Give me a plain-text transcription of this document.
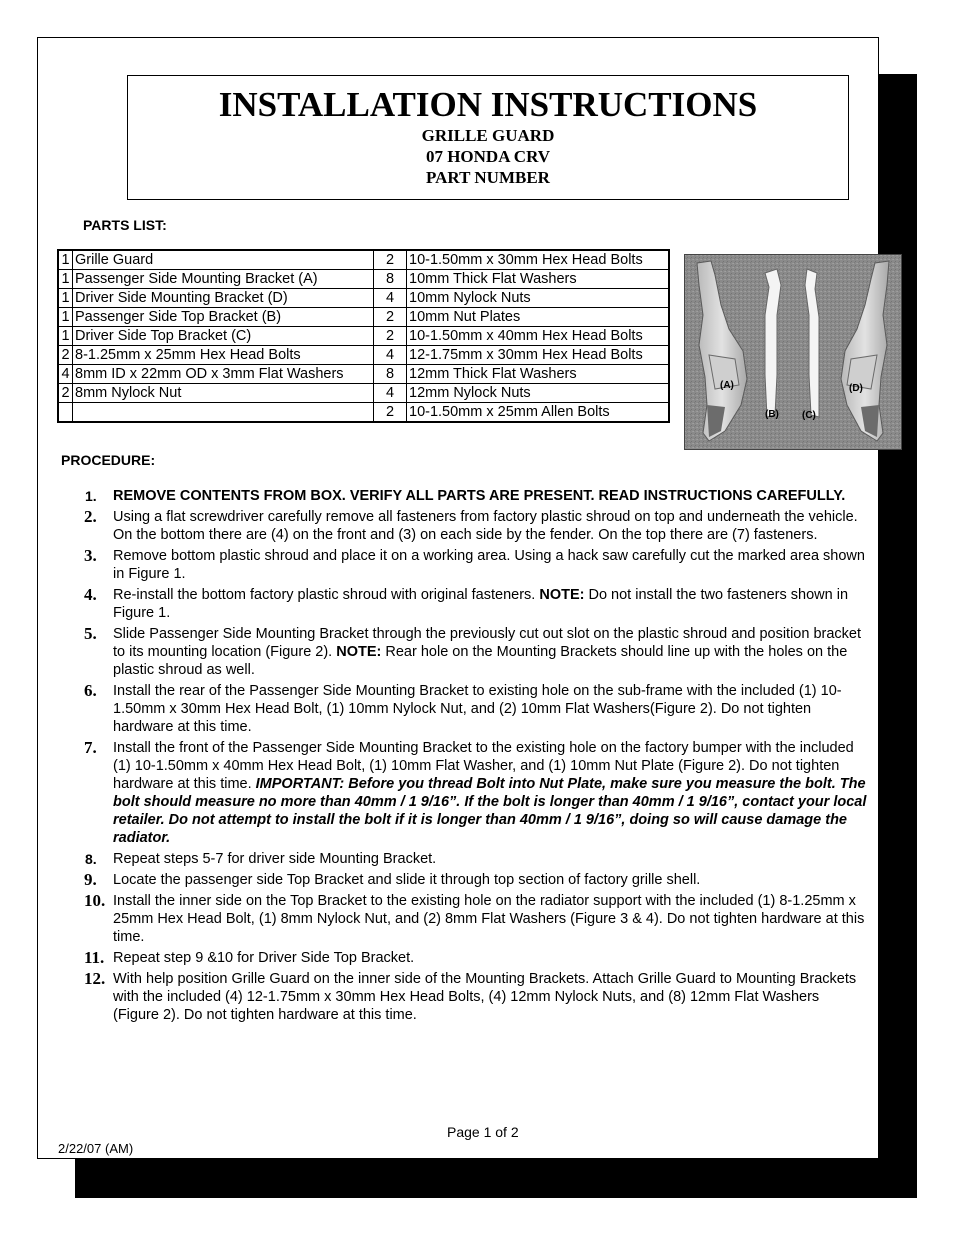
INSTALLATION INSTRUCTIONS
GRILLE GUARD
07 HONDA CRV
PART NUMBER
PARTS LIST:
1	Grille Guard	2	10-1.50mm x 30mm Hex Head Bolts
1	Passenger Side Mounting Bracket (A)	8	10mm Thick Flat Washers
1	Driver Side Mounting Bracket (D)	4	10mm Nylock Nuts
1	Passenger Side Top Bracket (B)	2	10mm Nut Plates
1	Driver Side Top Bracket (C)	2	10-1.50mm x 40mm Hex Head Bolts
2	8-1.25mm x 25mm Hex Head Bolts	4	12-1.75mm x 30mm Hex Head Bolts
4	8mm ID x 22mm OD x 3mm Flat Washers	8	12mm Thick Flat Washers
2	8mm Nylock Nut	4	12mm Nylock Nuts
		2	10-1.50mm x 25mm Allen Bolts
(A)
(B) (C)
(D)
PROCEDURE:
1. REMOVE CONTENTS FROM BOX. VERIFY ALL PARTS ARE PRESENT. READ INSTRUCTIONS CAREFULLY.
2. Using a flat screwdriver carefully remove all fasteners from factory plastic shroud on top and underneath the vehicle. On the bottom there are (4) on the front and (3) on each side by the fender. On the top there are (7) fasteners.
3. Remove bottom plastic shroud and place it on a working area. Using a hack saw carefully cut the marked area shown in Figure 1.
4. Re-install the bottom factory plastic shroud with original fasteners. NOTE: Do not install the two fasteners shown in Figure 1.
5. Slide Passenger Side Mounting Bracket through the previously cut out slot on the plastic shroud and position bracket to its mounting location (Figure 2). NOTE: Rear hole on the Mounting Brackets should line up with the holes on the plastic shroud as well.
6. Install the rear of the Passenger Side Mounting Bracket to existing hole on the sub-frame with the included (1) 10-1.50mm x 30mm Hex Head Bolt, (1) 10mm Nylock Nut, and (2) 10mm Flat Washers(Figure 2). Do not tighten hardware at this time.
7. Install the front of the Passenger Side Mounting Bracket to the existing hole on the factory bumper with the included (1) 10-1.50mm x 40mm Hex Head Bolt, (1) 10mm Flat Washer, and (1) 10mm Nut Plate (Figure 2). Do not tighten hardware at this time. IMPORTANT: Before you thread Bolt into Nut Plate, make sure you measure the bolt. The bolt should measure no more than 40mm / 1 9/16”. If the bolt is longer than 40mm / 1 9/16”, contact your local retailer. Do not attempt to install the bolt if it is longer than 40mm / 1 9/16”, doing so will cause damage the radiator.
8. Repeat steps 5-7 for driver side Mounting Bracket.
9. Locate the passenger side Top Bracket and slide it through top section of factory grille shell.
10. Install the inner side on the Top Bracket to the existing hole on the radiator support with the included (1) 8-1.25mm x 25mm Hex Head Bolt, (1) 8mm Nylock Nut, and (2) 8mm Flat Washers (Figure 3 & 4). Do not tighten hardware at this time.
11. Repeat step 9 &10 for Driver Side Top Bracket.
12. With help position Grille Guard on the inner side of the Mounting Brackets. Attach Grille Guard to Mounting Brackets with the included (4) 12-1.75mm x 30mm Hex Head Bolts, (4) 12mm Nylock Nuts, and (8) 12mm Flat Washers (Figure 2). Do not tighten hardware at this time.
Page 1 of 2
2/22/07 (AM)
